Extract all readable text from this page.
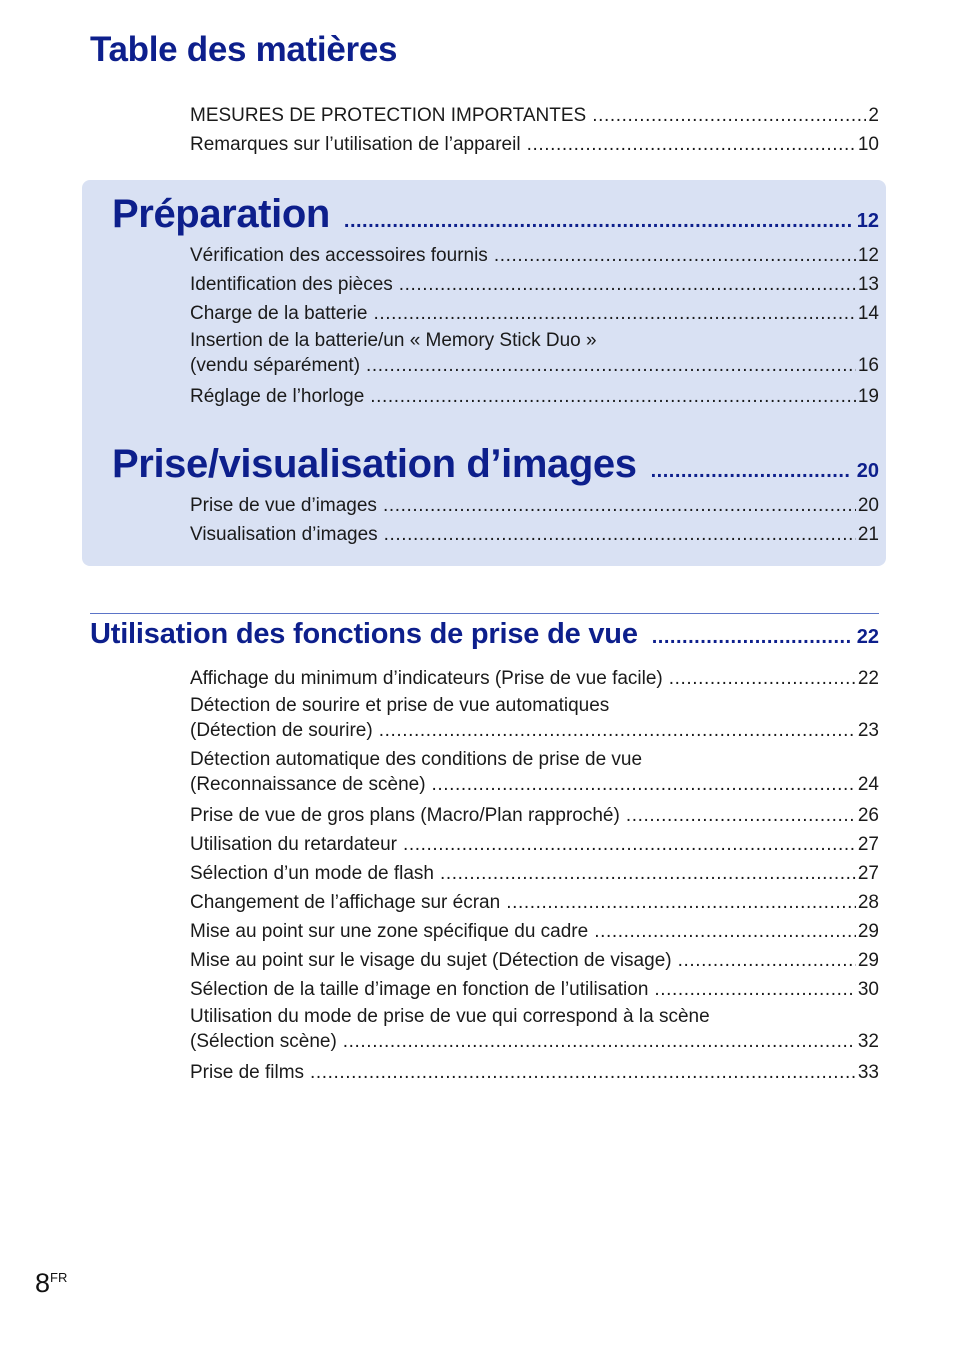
Table des matières
MESURES DE PROTECTION IMPORTANTES .....	2
Remarques sur l’utilisation de l’appareil .....	10
Préparation .....	12
Vérification des accessoires fournis .....	12
Identification des pièces .....	13
Charge de la batterie .....	14
Insertion de la batterie/un « Memory Stick Duo »
(vendu séparément) .....	16
Réglage de l’horloge .....	19
Prise/visualisation d’images .....	20
Prise de vue d’images .....	20
Visualisation d’images .....	21
Utilisation des fonctions de prise de vue .....	22
Affichage du minimum d’indicateurs (Prise de vue facile) .....	22
Détection de sourire et prise de vue automatiques
(Détection de sourire) .....	23
Détection automatique des conditions de prise de vue
(Reconnaissance de scène) .....	24
Prise de vue de gros plans (Macro/Plan rapproché) .....	26
Utilisation du retardateur .....	27
Sélection d’un mode de flash .....	27
Changement de l’affichage sur écran .....	28
Mise au point sur une zone spécifique du cadre .....	29
Mise au point sur le visage du sujet (Détection de visage) .....	29
Sélection de la taille d’image en fonction de l’utilisation .....	30
Utilisation du mode de prise de vue qui correspond à la scène
(Sélection scène) .....	32
Prise de films .....	33
$8^{FR}$
